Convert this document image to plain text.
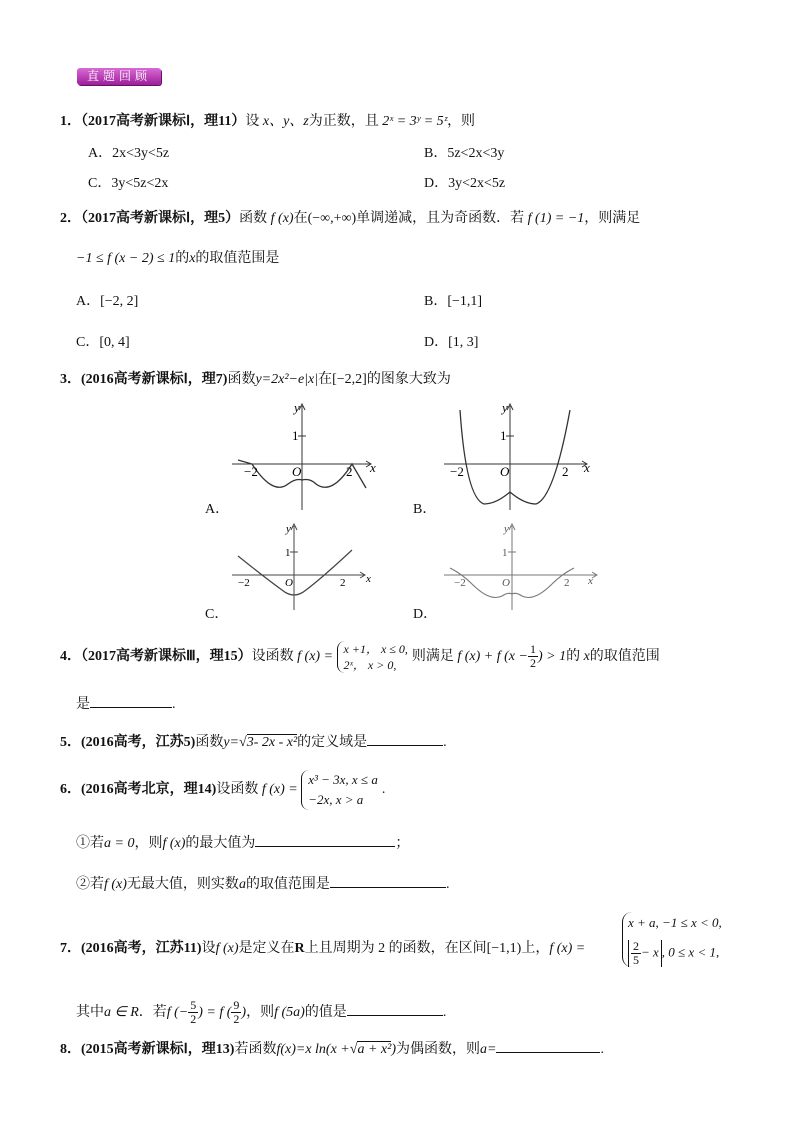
直题回顾
1．（2017高考新课标Ⅰ，理11）设 x、y、z为正数，且 2ˣ = 3ʸ = 5ᶻ，则
A．2x<3y<5z	B．5z<2x<3y
C．3y<5z<2x	D．3y<2x<5z
2．（2017高考新课标Ⅰ，理5）函数 f (x)在(−∞,+∞)单调递减，且为奇函数．若 f (1) = −1，则满足
−1 ≤ f (x − 2) ≤ 1的x的取值范围是
A．[−2, 2]	B．[−1,1]
C．[0, 4]	D．[1, 3]
3．(2016高考新课标Ⅰ，理7)函数y=2x²−e|x|在[−2,2]的图象大致为
y
x
O
1
2
−2
A．
y
x
O
1
2
−2
B．
y
x
O
1
2
−2
C．
y
x
O
1
2
−2
D．
4．（2017高考新课标Ⅲ，理15）设函数 f (x) =
x +1， x ≤ 0,
2ˣ， x > 0,
则满足 f (x) + f ($x - \frac{1}{2}$ ) > 1的 x的取值范围
是	.
5．(2016高考，江苏5)函数y=√3- 2x - x²的定义域是	.
6．(2016高考北京，理14)设函数 f (x) =
x³ − 3x, x ≤ a
−2x, x > a
.
①若a = 0，则f (x)的最大值为	；
②若f (x)无最大值，则实数a的取值范围是	.
7．(2016高考，江苏11)设f (x)是定义在R上且周期为 2 的函数，在区间[−1,1)上，f (x) =
x + a, −1 ≤ x < 0,
$\frac{2}{5} - x$ , 0 ≤ x < 1,
其中a ∈ R．若f (− $\frac{5}{2}$ ) = f ( $\frac{9}{2}$ )，则f (5a)的值是	.
8．(2015高考新课标Ⅰ，理13)若函数f(x)=x ln(x +√a + x²)为偶函数，则a=	.
